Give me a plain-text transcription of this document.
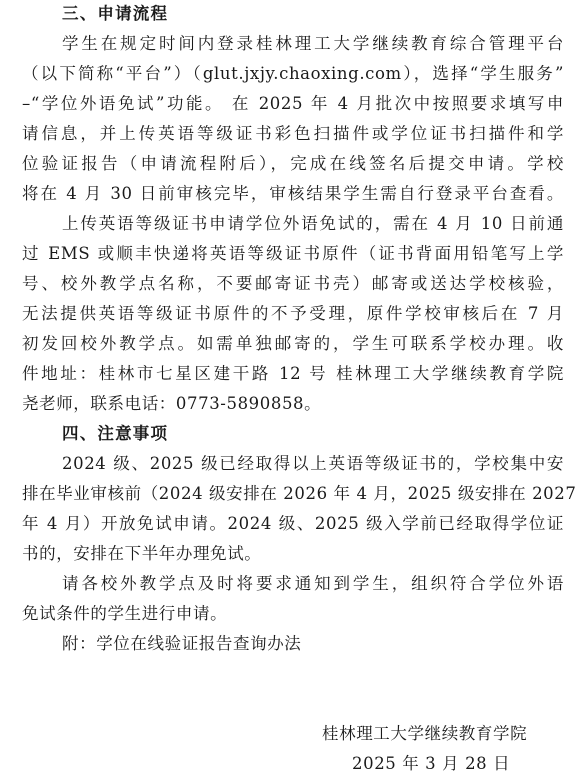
三、申请流程
学生在规定时间内登录桂林理工大学继续教育综合管理平台
（以下简称“平台”）（glut.jxjy.chaoxing.com），选择“学生服务”
–“学位外语免试”功能。 在 2025 年 4 月批次中按照要求填写申
请信息，并上传英语等级证书彩色扫描件或学位证书扫描件和学
位验证报告（申请流程附后），完成在线签名后提交申请。学校
将在 4 月 30 日前审核完毕，审核结果学生需自行登录平台查看。
上传英语等级证书申请学位外语免试的，需在 4 月 10 日前通
过 EMS 或顺丰快递将英语等级证书原件（证书背面用铅笔写上学
号、校外教学点名称，不要邮寄证书壳）邮寄或送达学校核验，
无法提供英语等级证书原件的不予受理，原件学校审核后在 7 月
初发回校外教学点。如需单独邮寄的，学生可联系学校办理。收
件地址：桂林市七星区建干路 12 号 桂林理工大学继续教育学院
尧老师，联系电话：0773-5890858。
四、注意事项
2024 级、2025 级已经取得以上英语等级证书的，学校集中安
排在毕业审核前（2024 级安排在 2026 年 4 月，2025 级安排在 2027
年 4 月）开放免试申请。2024 级、2025 级入学前已经取得学位证
书的，安排在下半年办理免试。
请各校外教学点及时将要求通知到学生，组织符合学位外语
免试条件的学生进行申请。
附：学位在线验证报告查询办法
桂林理工大学继续教育学院
2025 年 3 月 28 日
